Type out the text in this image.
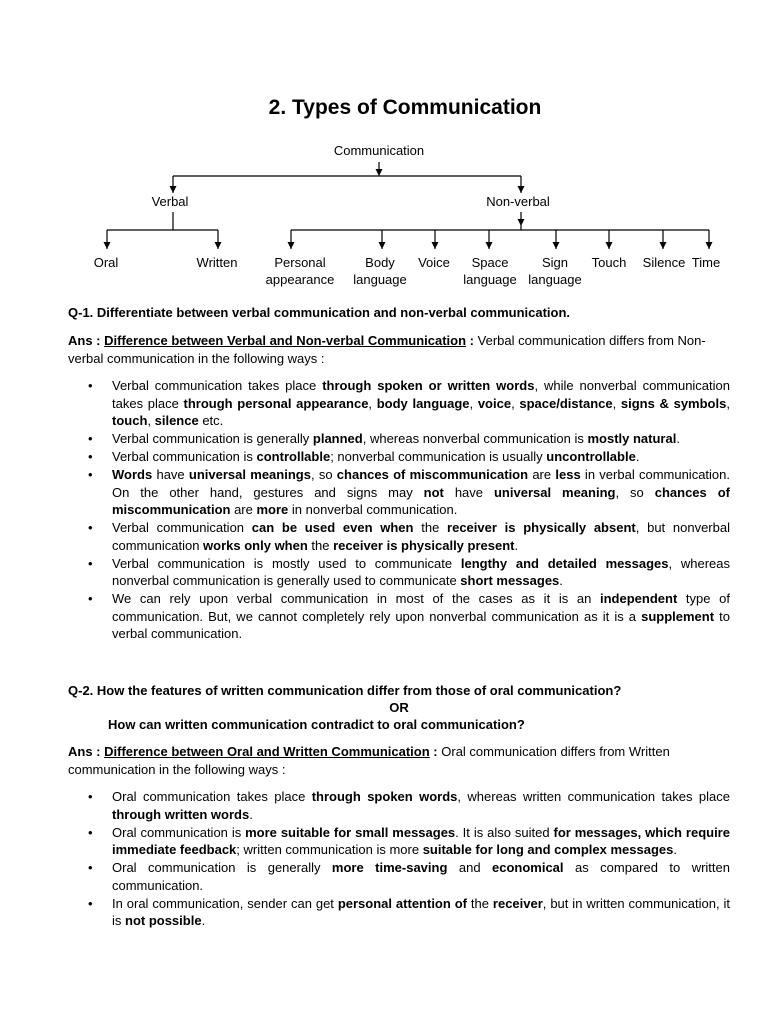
2. Types of Communication
Communication
Verbal	Non-verbal
Oral	Written	Personal
appearance
Body
language
Voice Space
language
Sign
language
Touch Silence Time
Q-1. Differentiate between verbal communication and non-verbal communication.
Ans : Difference between Verbal and Non-verbal Communication : Verbal communication differs from Non-verbal communication in the following ways :
• Verbal communication takes place through spoken or written words, while nonverbal communication takes place through personal appearance, body language, voice, space/distance, signs & symbols, touch, silence etc.
• Verbal communication is generally planned, whereas nonverbal communication is mostly natural.
• Verbal communication is controllable; nonverbal communication is usually uncontrollable.
• Words have universal meanings, so chances of miscommunication are less in verbal communication. On the other hand, gestures and signs may not have universal meaning, so chances of miscommunication are more in nonverbal communication.
• Verbal communication can be used even when the receiver is physically absent, but nonverbal communication works only when the receiver is physically present.
• Verbal communication is mostly used to communicate lengthy and detailed messages, whereas nonverbal communication is generally used to communicate short messages.
• We can rely upon verbal communication in most of the cases as it is an independent type of communication. But, we cannot completely rely upon nonverbal communication as it is a supplement to verbal communication.
Q-2. How the features of written communication differ from those of oral communication?
OR
How can written communication contradict to oral communication?
Ans : Difference between Oral and Written Communication : Oral communication differs from Written communication in the following ways :
• Oral communication takes place through spoken words, whereas written communication takes place through written words.
• Oral communication is more suitable for small messages. It is also suited for messages, which require immediate feedback; written communication is more suitable for long and complex messages.
• Oral communication is generally more time-saving and economical as compared to written communication.
• In oral communication, sender can get personal attention of the receiver, but in written communication, it is not possible.
